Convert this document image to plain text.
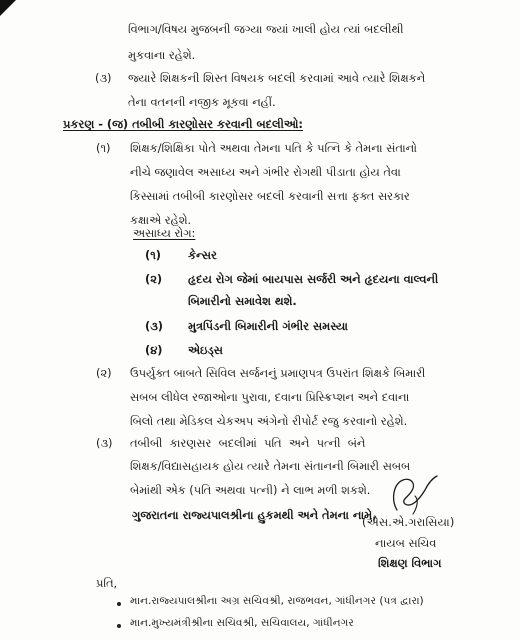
વિભાગ/વિષય મુજબની જગ્યા જ્યાં ખાલી હોય ત્યાં બદલીથી
મુકવાના રહેશે.
(૩) જ્યારે શિક્ષકની શિસ્ત વિષયક બદલી કરવામાં આવે ત્યારે શિક્ષકને
તેના વતનની નજીક મૂકવા નહીં.
પ્રકરણ - (જ) તબીબી કારણોસર કરવાની બદલીઓ:
(૧) શિક્ષક/શિક્ષિકા પોતે અથવા તેમના પતિ કે પત્નિ કે તેમના સંતાનો
નીચે જણાવેલ અસાધ્ય અને ગંભીર રોગથી પીડાતા હોય તેવા
કિસ્સામાં તબીબી કારણોસર બદલી કરવાની સત્તા ફક્ત સરકાર
કક્ષાએ રહેશે.
અસાધ્ય રોગ:
(૧) કેન્સર
(૨) હૃદય રોગ જેમાં બાયપાસ સર્જરી અને હૃદયના વાલ્વની
બિમારીનો સમાવેશ થશે.
(૩) મુત્રપિંડની બિમારીની ગંભીર સમસ્યા
(૪) એઇડ્સ
(૨) ઉપર્યુક્ત બાબતે સિવિલ સર્જનનું પ્રમાણપત્ર ઉપરાંત શિક્ષકે બિમારી
સબબ લીધેલ રજાઓના પુરાવા, દવાના પ્રિસ્ક્રિપ્શન અને દવાના
બિલો તથા મેડિકલ ચેકઅપ અંગેનો રીપોર્ટ રજુ કરવાનો રહેશે.
(૩) તબીબી  કારણસર  બદલીમાં  પતિ  અને  પત્ની  બંને
શિક્ષક/વિદ્યાસહાયક હોય ત્યારે તેમના સંતાનની બિમારી સબબ
બેમાંથી એક (પતિ અથવા પત્ની) ને લાભ મળી શકશે.
ગુજરાતના રાજ્યપાલશ્રીના હુકમથી અને તેમના નામે,
(એસ.એ.ગરાસિયા)
નાયબ સચિવ
શિક્ષણ વિભાગ
પ્રતિ,
માન.રાજ્યપાલશ્રીના અગ્ર સચિવશ્રી, રાજભવન, ગાંધીનગર (પત્ર દ્વારા)
માન.મુખ્યમંત્રીશ્રીના સચિવશ્રી, સચિવાલય, ગાંધીનગર
